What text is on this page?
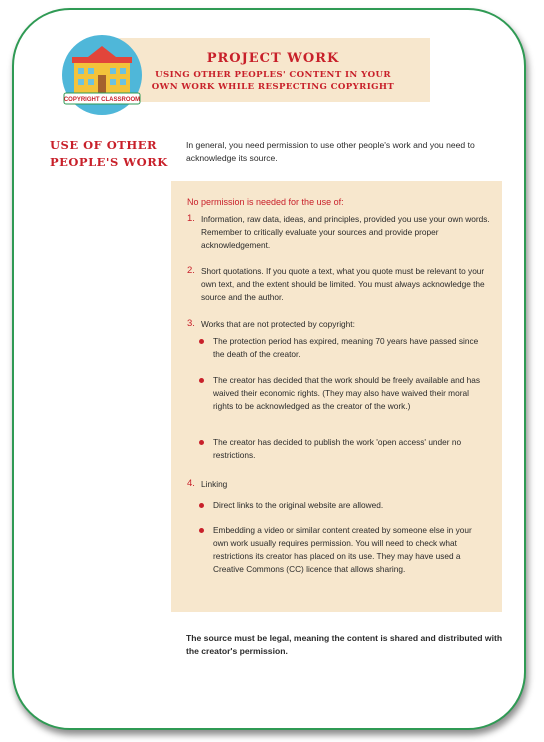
PROJECT WORK
USING OTHER PEOPLES' CONTENT IN YOUR
OWN WORK WHILE RESPECTING COPYRIGHT
COPYRIGHT CLASSROOM
USE OF OTHER
PEOPLE'S WORK
In general, you need permission to use other people's work and you need to acknowledge its source.
No permission is needed for the use of:
1. Information, raw data, ideas, and principles, provided you use your own words. Remember to critically evaluate your sources and provide proper acknowledgement.
2. Short quotations. If you quote a text, what you quote must be relevant to your own text, and the extent should be limited. You must always acknowledge the source and the author.
3. Works that are not protected by copyright:
The protection period has expired, meaning 70 years have passed since the death of the creator.
The creator has decided that the work should be freely available and has waived their economic rights. (They may also have waived their moral rights to be acknowledged as the creator of the work.)
The creator has decided to publish the work 'open access' under no restrictions.
4. Linking
Direct links to the original website are allowed.
Embedding a video or similar content created by someone else in your own work usually requires permission. You will need to check what restrictions its creator has placed on its use. They may have used a Creative Commons (CC) licence that allows sharing.
The source must be legal, meaning the content is shared and distributed with the creator's permission.
